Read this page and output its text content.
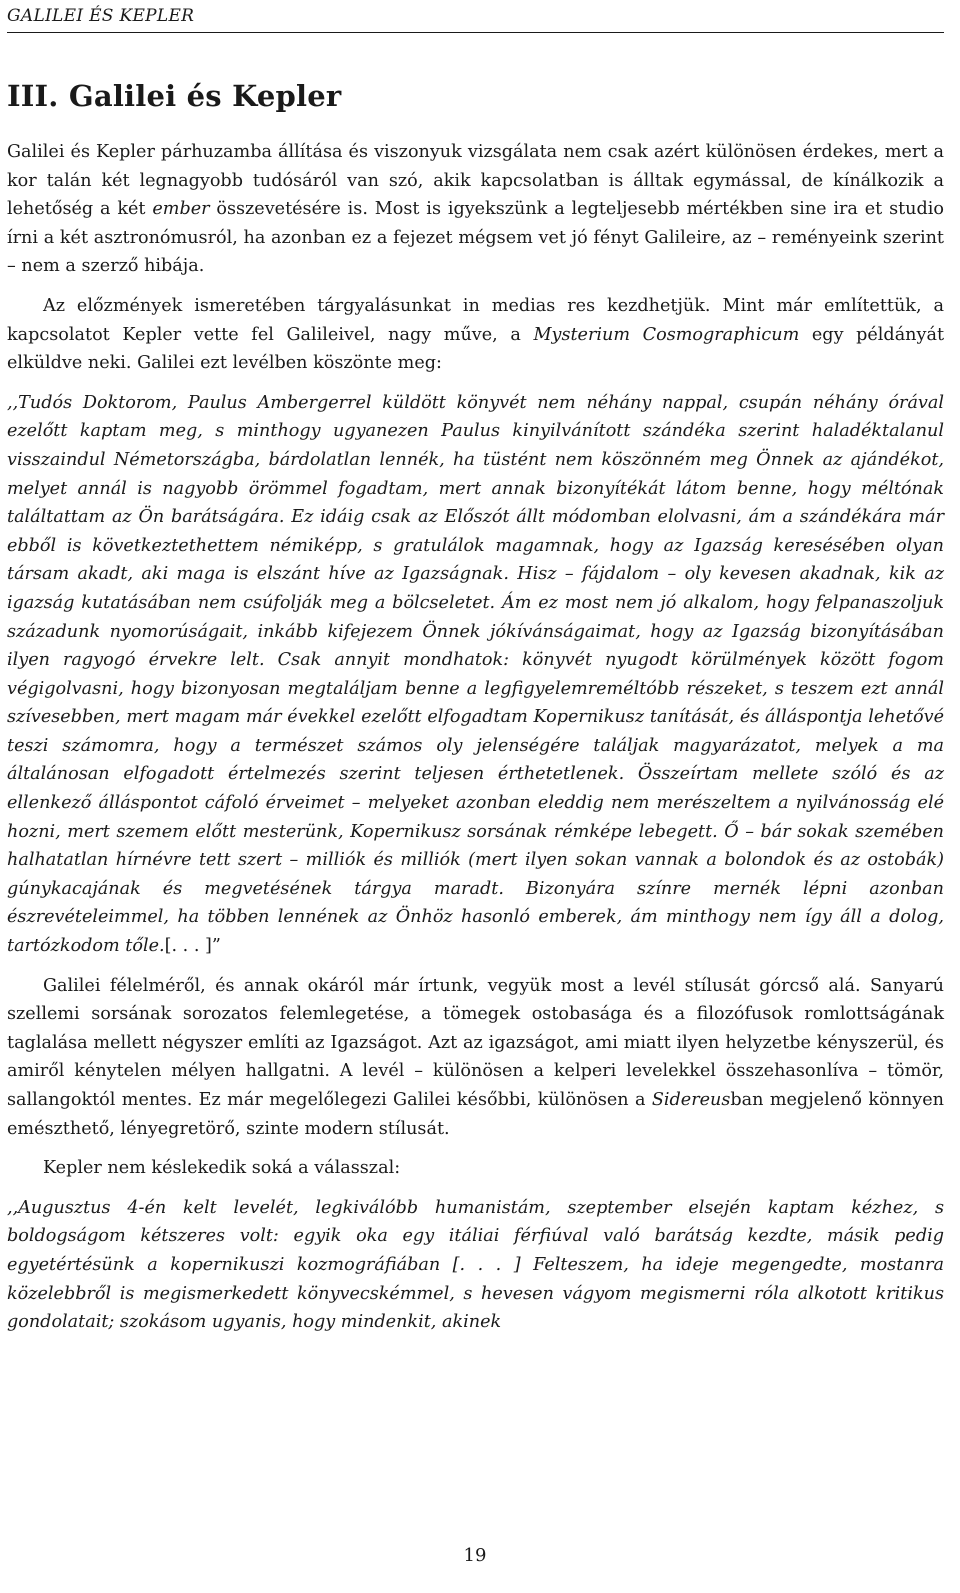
GALILEI ÉS KEPLER
III. Galilei és Kepler

Galilei és Kepler párhuzamba állítása és viszonyuk vizsgálata nem csak azért különösen érdekes, mert a kor talán két legnagyobb tudósáról van szó, akik kapcsolatban is álltak egymással, de kínálkozik a lehetőség a két ember összevetésére is. Most is igyekszünk a legteljesebb mértékben sine ira et studio írni a két asztronómusról, ha azonban ez a fejezet mégsem vet jó fényt Galileire, az – reményeink szerint – nem a szerző hibája.

Az előzmények ismeretében tárgyalásunkat in medias res kezdhetjük. Mint már említettük, a kapcsolatot Kepler vette fel Galileivel, nagy műve, a Mysterium Cosmographicum egy példányát elküldve neki. Galilei ezt levélben köszönte meg:

,,Tudós Doktorom, Paulus Ambergerrel küldött könyvét nem néhány nappal, csupán néhány órával ezelőtt kaptam meg, s minthogy ugyanezen Paulus kinyilvánított szándéka szerint haladéktalanul visszaindul Németországba, bárdolatlan lennék, ha tüstént nem köszönném meg Önnek az ajándékot, melyet annál is nagyobb örömmel fogadtam, mert annak bizonyítékát látom benne, hogy méltónak találtattam az Ön barátságára. Ez idáig csak az Előszót állt módomban elolvasni, ám a szándékára már ebből is következtethettem némiképp, s gratulálok magamnak, hogy az Igazság keresésében olyan társam akadt, aki maga is elszánt híve az Igazságnak. Hisz – fájdalom – oly kevesen akadnak, kik az igazság kutatásában nem csúfolják meg a bölcseletet. Ám ez most nem jó alkalom, hogy felpanaszoljuk századunk nyomorúságait, inkább kifejezem Önnek jókívánságaimat, hogy az Igazság bizonyításában ilyen ragyogó érvekre lelt. Csak annyit mondhatok: könyvét nyugodt körülmények között fogom végigolvasni, hogy bizonyosan megtaláljam benne a legfigyelemreméltóbb részeket, s teszem ezt annál szívesebben, mert magam már évekkel ezelőtt elfogadtam Kopernikusz tanítását, és álláspontja lehetővé teszi számomra, hogy a természet számos oly jelenségére találjak magyarázatot, melyek a ma általánosan elfogadott értelmezés szerint teljesen érthetetlenek. Összeírtam mellete szóló és az ellenkező álláspontot cáfoló érveimet – melyeket azonban eleddig nem merészeltem a nyilvánosság elé hozni, mert szemem előtt mesterünk, Kopernikusz sorsának rémképe lebegett. Ő – bár sokak szemében halhatatlan hírnévre tett szert – milliók és milliók (mert ilyen sokan vannak a bolondok és az ostobák) gúnykacajának és megvetésének tárgya maradt. Bizonyára színre mernék lépni azonban észrevételeimmel, ha többen lennének az Önhöz hasonló emberek, ám minthogy nem így áll a dolog, tartózkodom tőle.[. . . ]”

Galilei félelméről, és annak okáról már írtunk, vegyük most a levél stílusát górcső alá. Sanyarú szellemi sorsának sorozatos felemlegetése, a tömegek ostobasága és a filozófusok romlottságának taglalása mellett négyszer említi az Igazságot. Azt az igazságot, ami miatt ilyen helyzetbe kényszerül, és amiről kénytelen mélyen hallgatni. A levél – különösen a kelperi levelekkel összehasonlíva – tömör, sallangoktól mentes. Ez már megelőlegezi Galilei későbbi, különösen a Sidereusban megjelenő könnyen emészthető, lényegretörő, szinte modern stílusát.

Kepler nem késlekedik soká a válasszal:

,,Augusztus 4-én kelt levelét, legkiválóbb humanistám, szeptember elsején kaptam kézhez, s boldogságom kétszeres volt: egyik oka egy itáliai férfiúval való barátság kezdte, másik pedig egyetértésünk a kopernikuszi kozmográfiában [. . . ] Felteszem, ha ideje megengedte, mostanra közelebbről is megismerkedett könyvecskémmel, s hevesen vágyom megismerni róla alkotott kritikus gondolatait; szokásom ugyanis, hogy mindenkit, akinek

19
